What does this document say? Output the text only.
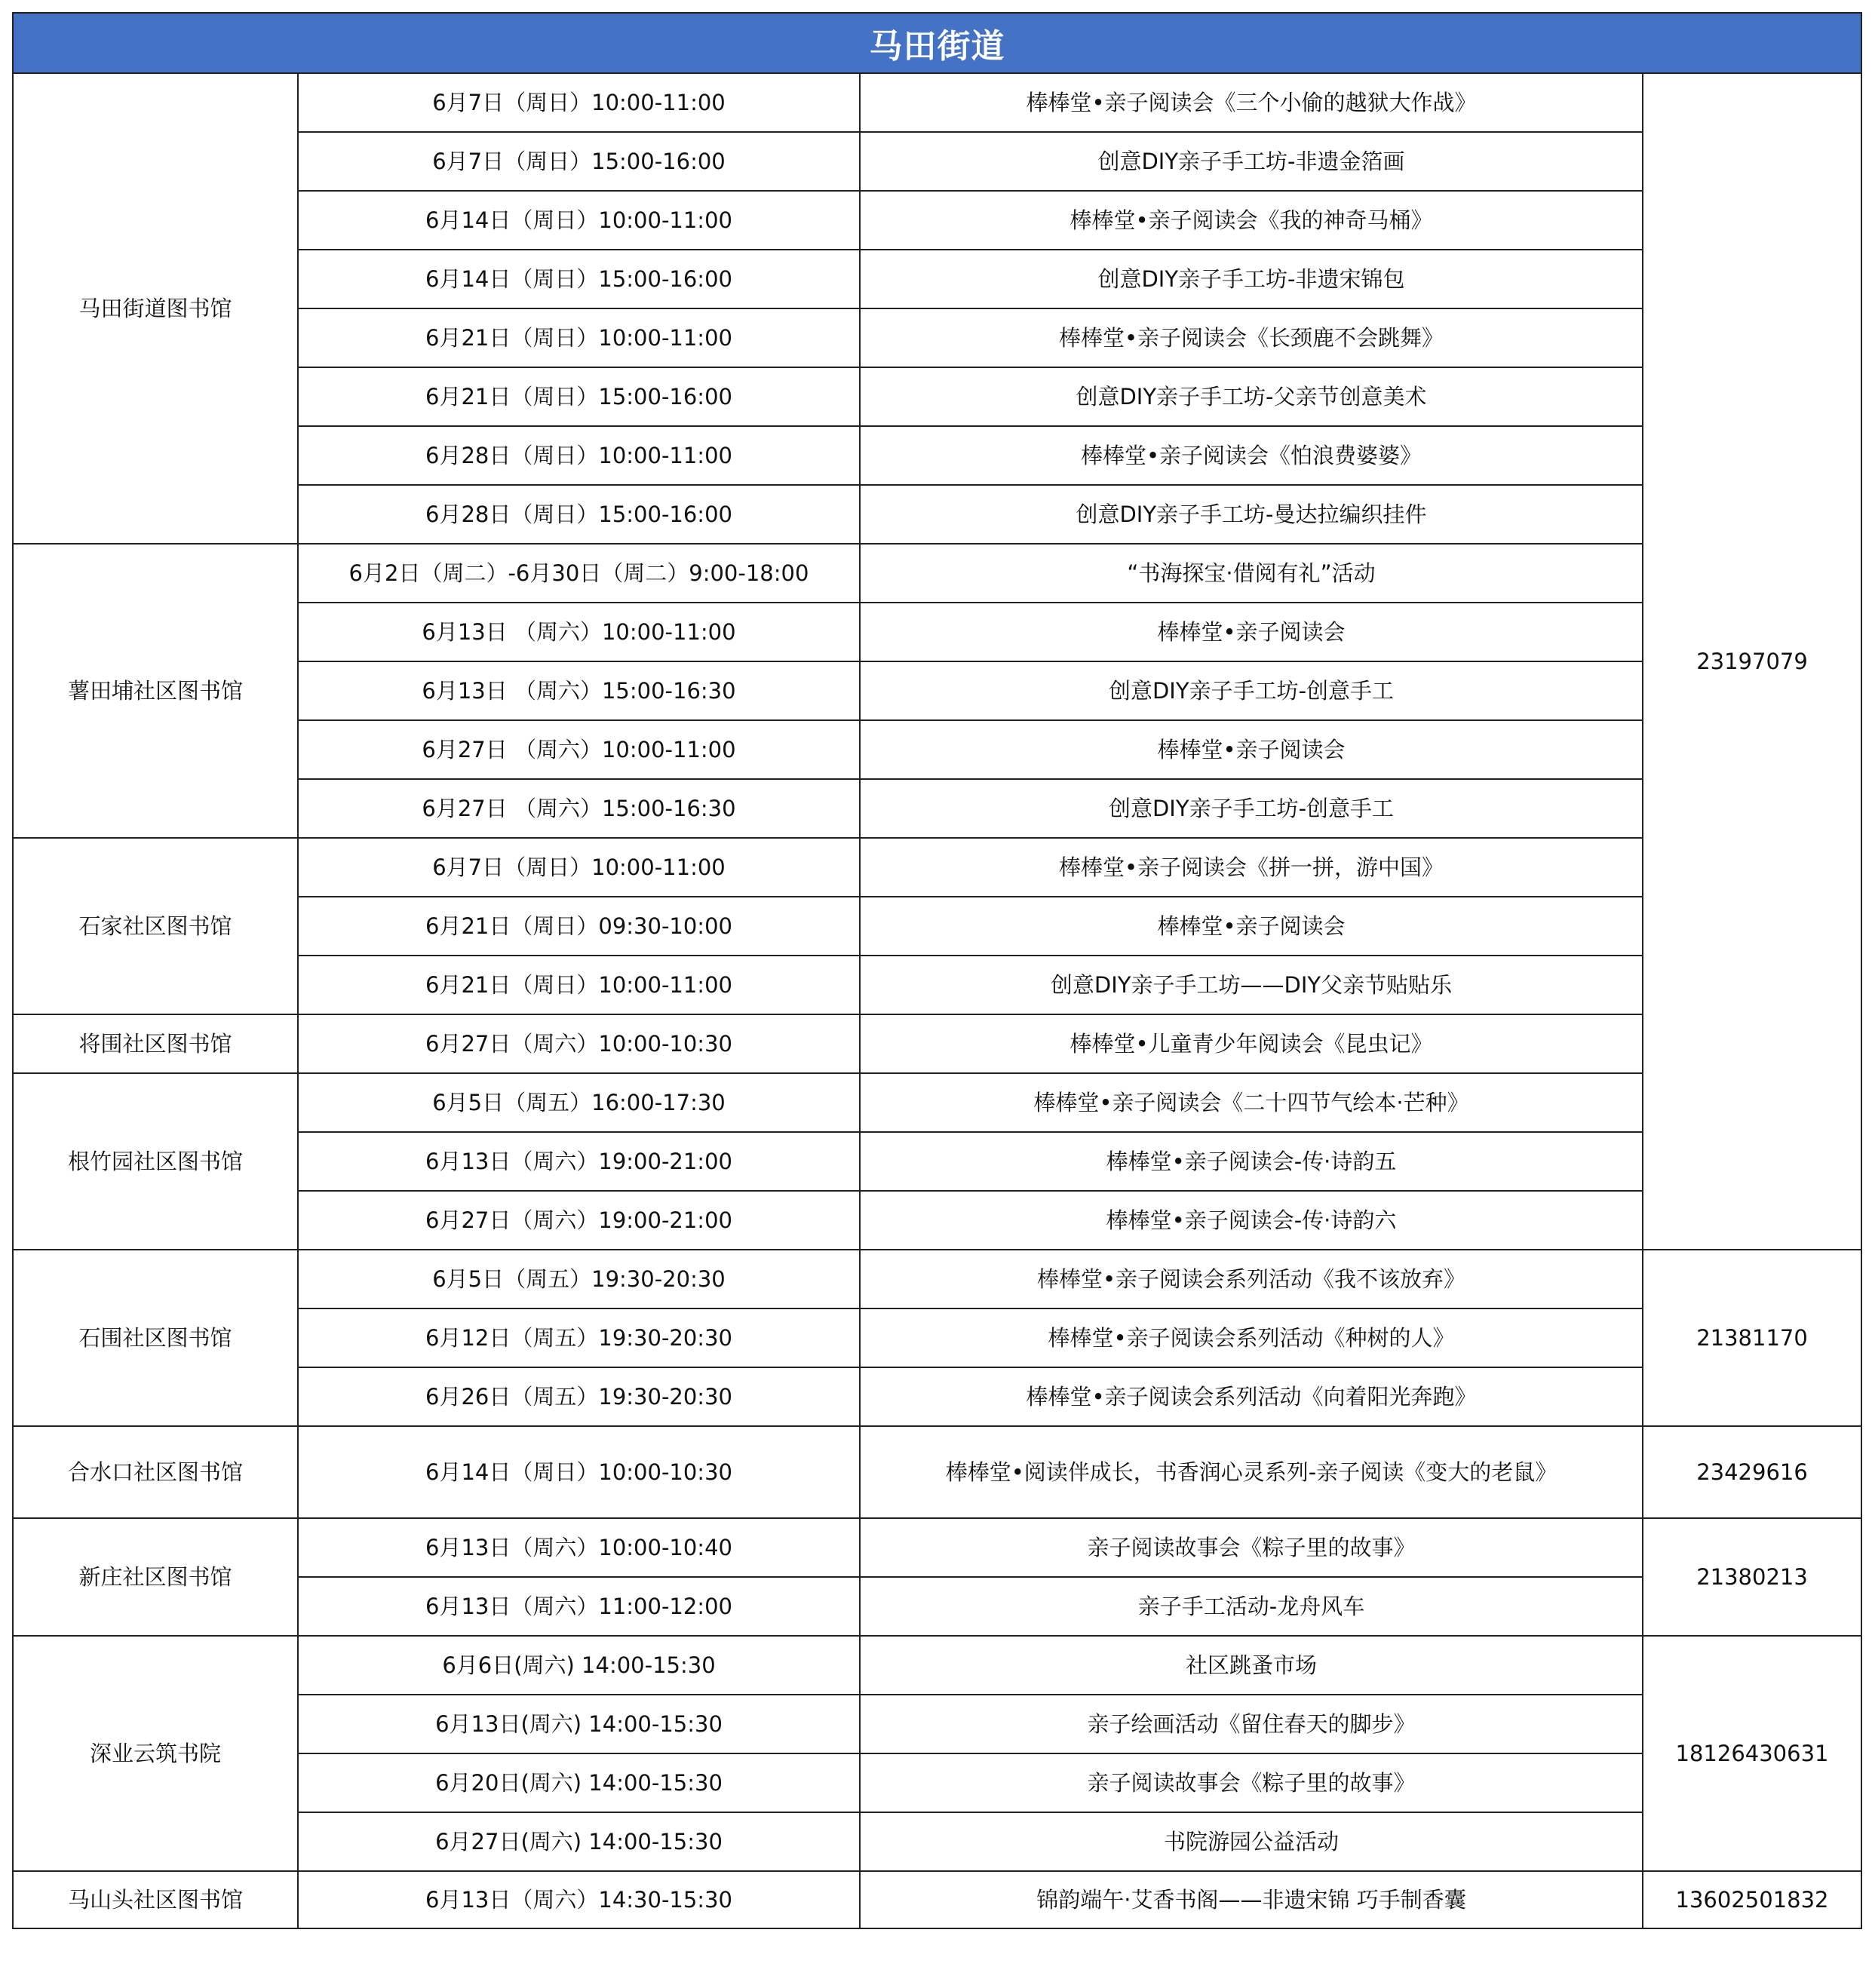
马田街道			
马田街道图书馆	6月7日（周日）10:00-11:00	棒棒堂•亲子阅读会《三个小偷的越狱大作战》	23197079
	6月7日（周日）15:00-16:00	创意DIY亲子手工坊-非遗金箔画	
	6月14日（周日）10:00-11:00	棒棒堂•亲子阅读会《我的神奇马桶》	
	6月14日（周日）15:00-16:00	创意DIY亲子手工坊-非遗宋锦包	
	6月21日（周日）10:00-11:00	棒棒堂•亲子阅读会《长颈鹿不会跳舞》	
	6月21日（周日）15:00-16:00	创意DIY亲子手工坊-父亲节创意美术	
	6月28日（周日）10:00-11:00	棒棒堂•亲子阅读会《怕浪费婆婆》	
	6月28日（周日）15:00-16:00	创意DIY亲子手工坊-曼达拉编织挂件	
薯田埔社区图书馆	6月2日（周二）-6月30日（周二）9:00-18:00	“书海探宝·借阅有礼”活动	
	6月13日 （周六）10:00-11:00	棒棒堂•亲子阅读会	
	6月13日 （周六）15:00-16:30	创意DIY亲子手工坊-创意手工	
	6月27日 （周六）10:00-11:00	棒棒堂•亲子阅读会	
	6月27日 （周六）15:00-16:30	创意DIY亲子手工坊-创意手工	
石家社区图书馆	6月7日（周日）10:00-11:00	棒棒堂•亲子阅读会《拼一拼，游中国》	
	6月21日（周日）09:30-10:00	棒棒堂•亲子阅读会	
	6月21日（周日）10:00-11:00	创意DIY亲子手工坊——DIY父亲节贴贴乐	
将围社区图书馆	6月27日（周六）10:00-10:30	棒棒堂•儿童青少年阅读会《昆虫记》	
根竹园社区图书馆	6月5日（周五）16:00-17:30	棒棒堂•亲子阅读会《二十四节气绘本·芒种》	
	6月13日（周六）19:00-21:00	棒棒堂•亲子阅读会-传·诗韵五	
	6月27日（周六）19:00-21:00	棒棒堂•亲子阅读会-传·诗韵六	
石围社区图书馆	6月5日（周五）19:30-20:30	棒棒堂•亲子阅读会系列活动《我不该放弃》	21381170
	6月12日（周五）19:30-20:30	棒棒堂•亲子阅读会系列活动《种树的人》	
	6月26日（周五）19:30-20:30	棒棒堂•亲子阅读会系列活动《向着阳光奔跑》	
合水口社区图书馆	6月14日（周日）10:00-10:30	棒棒堂•阅读伴成长，书香润心灵系列-亲子阅读《变大的老鼠》	23429616
新庄社区图书馆	6月13日（周六）10:00-10:40	亲子阅读故事会《粽子里的故事》	21380213
	6月13日（周六）11:00-12:00	亲子手工活动-龙舟风车	
深业云筑书院	6月6日(周六) 14:00-15:30	社区跳蚤市场	18126430631
	6月13日(周六) 14:00-15:30	亲子绘画活动《留住春天的脚步》	
	6月20日(周六) 14:00-15:30	亲子阅读故事会《粽子里的故事》	
	6月27日(周六) 14:00-15:30	书院游园公益活动	
马山头社区图书馆	6月13日（周六）14:30-15:30	锦韵端午·艾香书阁——非遗宋锦 巧手制香囊	13602501832
